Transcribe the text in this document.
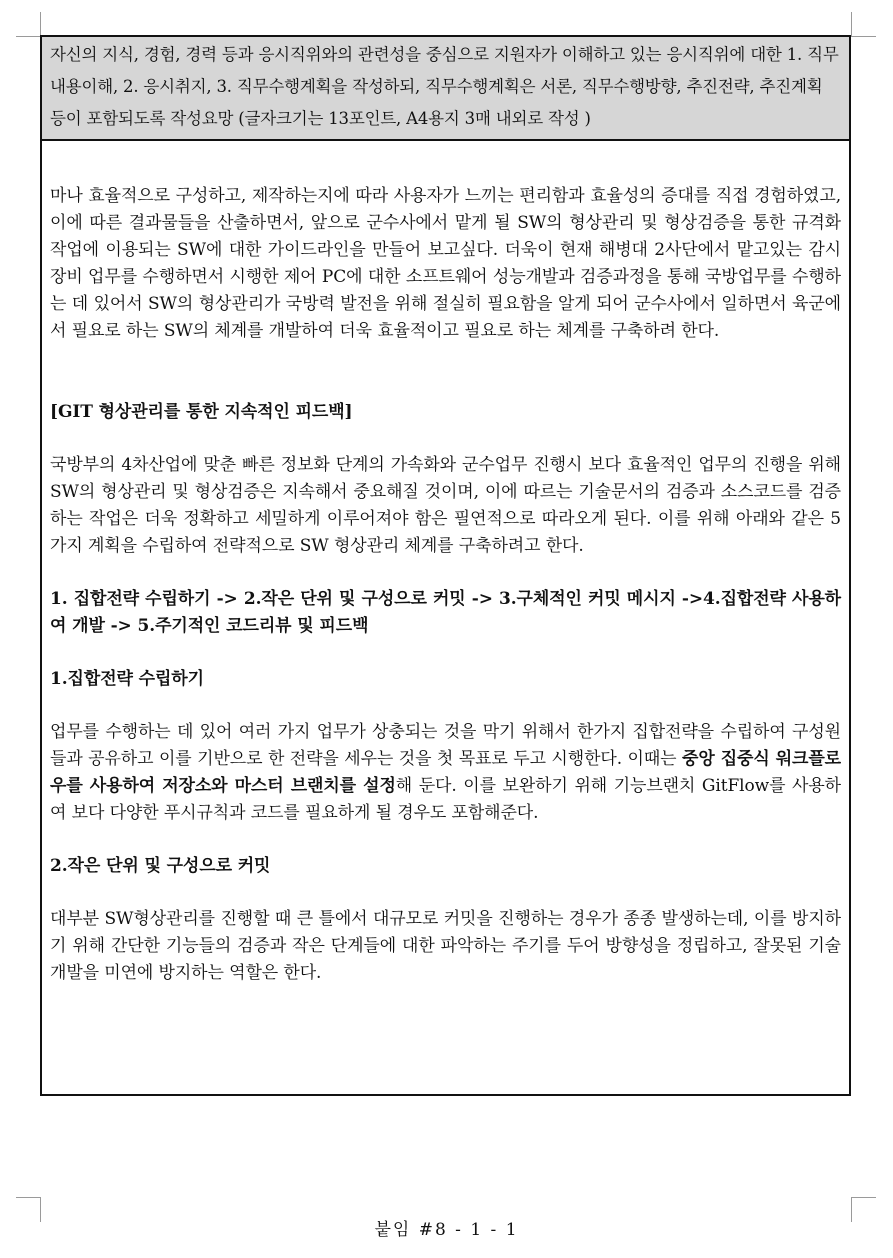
자신의 지식, 경험, 경력 등과 응시직위와의 관련성을 중심으로 지원자가 이해하고 있는 응시직위에 대한 1. 직무내용이해, 2. 응시취지, 3. 직무수행계획을 작성하되, 직무수행계획은 서론, 직무수행방향, 추진전략, 추진계획 등이 포함되도록 작성요망 (글자크기는 13포인트, A4용지 3매 내외로 작성 )

마나 효율적으로 구성하고, 제작하는지에 따라 사용자가 느끼는 편리함과 효율성의 증대를 직접 경험하였고, 이에 따른 결과물들을 산출하면서, 앞으로 군수사에서 맡게 될 SW의 형상관리 및 형상검증을 통한 규격화 작업에 이용되는 SW에 대한 가이드라인을 만들어 보고싶다. 더욱이 현재 해병대 2사단에서 맡고있는 감시장비 업무를 수행하면서 시행한 제어 PC에 대한 소프트웨어 성능개발과 검증과정을 통해 국방업무를 수행하는 데 있어서 SW의 형상관리가 국방력 발전을 위해 절실히 필요함을 알게 되어 군수사에서 일하면서 육군에서 필요로 하는 SW의 체계를 개발하여 더욱 효율적이고 필요로 하는 체계를 구축하려 한다.

[GIT 형상관리를 통한 지속적인 피드백]

국방부의 4차산업에 맞춘 빠른 정보화 단계의 가속화와 군수업무 진행시 보다 효율적인 업무의 진행을 위해 SW의 형상관리 및 형상검증은 지속해서 중요해질 것이며, 이에 따르는 기술문서의 검증과 소스코드를 검증하는 작업은 더욱 정확하고 세밀하게 이루어져야 함은 필연적으로 따라오게 된다. 이를 위해 아래와 같은 5가지 계획을 수립하여 전략적으로 SW 형상관리 체계를 구축하려고 한다.

1. 집합전략 수립하기 -> 2.작은 단위 및 구성으로 커밋 -> 3.구체적인 커밋 메시지 ->4.집합전략 사용하여 개발 -> 5.주기적인 코드리뷰 및 피드백

1.집합전략 수립하기

업무를 수행하는 데 있어 여러 가지 업무가 상충되는 것을 막기 위해서 한가지 집합전략을 수립하여 구성원들과 공유하고 이를 기반으로 한 전략을 세우는 것을 첫 목표로 두고 시행한다. 이때는 중앙 집중식 워크플로우를 사용하여 저장소와 마스터 브랜치를 설정해 둔다. 이를 보완하기 위해 기능브랜치 GitFlow를 사용하여 보다 다양한 푸시규칙과 코드를 필요하게 될 경우도 포함해준다.

2.작은 단위 및 구성으로 커밋

대부분 SW형상관리를 진행할 때 큰 틀에서 대규모로 커밋을 진행하는 경우가 종종 발생하는데, 이를 방지하기 위해 간단한 기능들의 검증과 작은 단계들에 대한 파악하는 주기를 두어 방향성을 정립하고, 잘못된 기술개발을 미연에 방지하는 역할은 한다.

붙임 #8 - 1 - 1
